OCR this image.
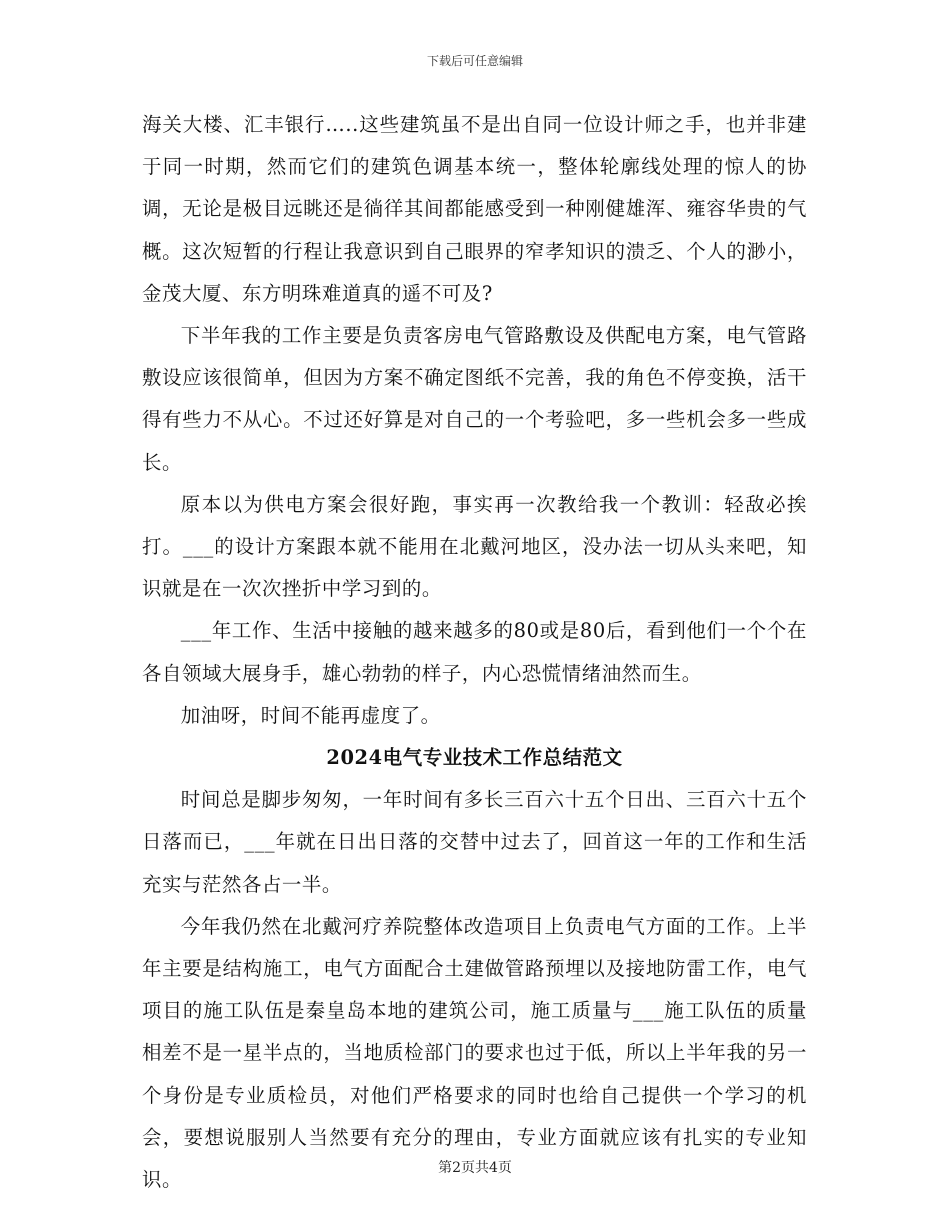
下载后可任意编辑

海关大楼、汇丰银行…..这些建筑虽不是出自同一位设计师之手，也并非建于同一时期，然而它们的建筑色调基本统一，整体轮廓线处理的惊人的协调，无论是极目远眺还是徜徉其间都能感受到一种刚健雄浑、雍容华贵的气概。这次短暂的行程让我意识到自己眼界的窄孝知识的溃乏、个人的渺小，金茂大厦、东方明珠难道真的遥不可及?

下半年我的工作主要是负责客房电气管路敷设及供配电方案，电气管路敷设应该很简单，但因为方案不确定图纸不完善，我的角色不停变换，活干得有些力不从心。不过还好算是对自己的一个考验吧，多一些机会多一些成长。

原本以为供电方案会很好跑，事实再一次教给我一个教训：轻敌必挨打。___的设计方案跟本就不能用在北戴河地区，没办法一切从头来吧，知识就是在一次次挫折中学习到的。

___年工作、生活中接触的越来越多的80或是80后，看到他们一个个在各自领域大展身手，雄心勃勃的样子，内心恐慌情绪油然而生。

加油呀，时间不能再虚度了。

2024电气专业技术工作总结范文

时间总是脚步匆匆，一年时间有多长三百六十五个日出、三百六十五个日落而已，___年就在日出日落的交替中过去了，回首这一年的工作和生活充实与茫然各占一半。

今年我仍然在北戴河疗养院整体改造项目上负责电气方面的工作。上半年主要是结构施工，电气方面配合土建做管路预埋以及接地防雷工作，电气项目的施工队伍是秦皇岛本地的建筑公司，施工质量与___施工队伍的质量相差不是一星半点的，当地质检部门的要求也过于低，所以上半年我的另一个身份是专业质检员，对他们严格要求的同时也给自己提供一个学习的机会，要想说服别人当然要有充分的理由，专业方面就应该有扎实的专业知识。

第2页共4页
